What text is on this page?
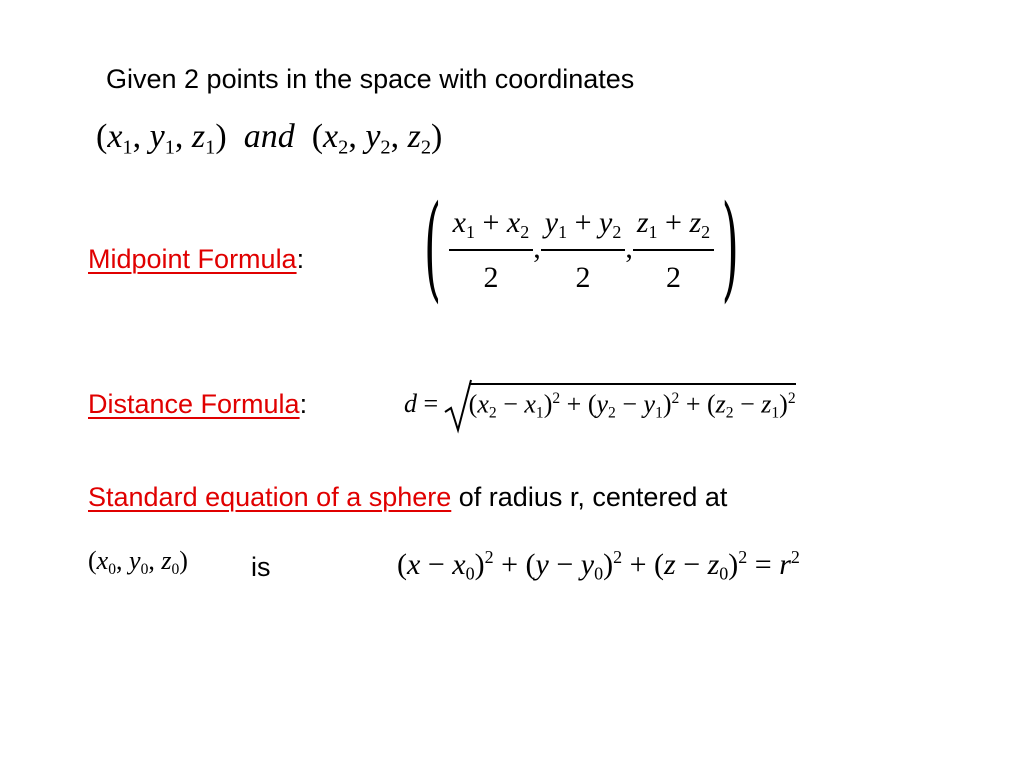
Given 2 points in the space with coordinates
($x_1$, $y_1$, $z_1$) and ($x_2$, $y_2$, $z_2$)
Midpoint Formula:	( $\frac{x_1 + x_2}{2}$ , $\frac{y_1 + y_2}{2}$ , $\frac{z_1 + z_2}{2}$ )
Distance Formula:	$d = (x_2 - x_1)^2 + (y_2 - y_1)^2 + (z_2 - z_1)^2$
Standard equation of a sphere of radius r, centered at
($x_0$, $y_0$, $z_0$) is	$(x - x_0)^2 + (y - y_0)^2 + (z - z_0)^2 = r^2$
